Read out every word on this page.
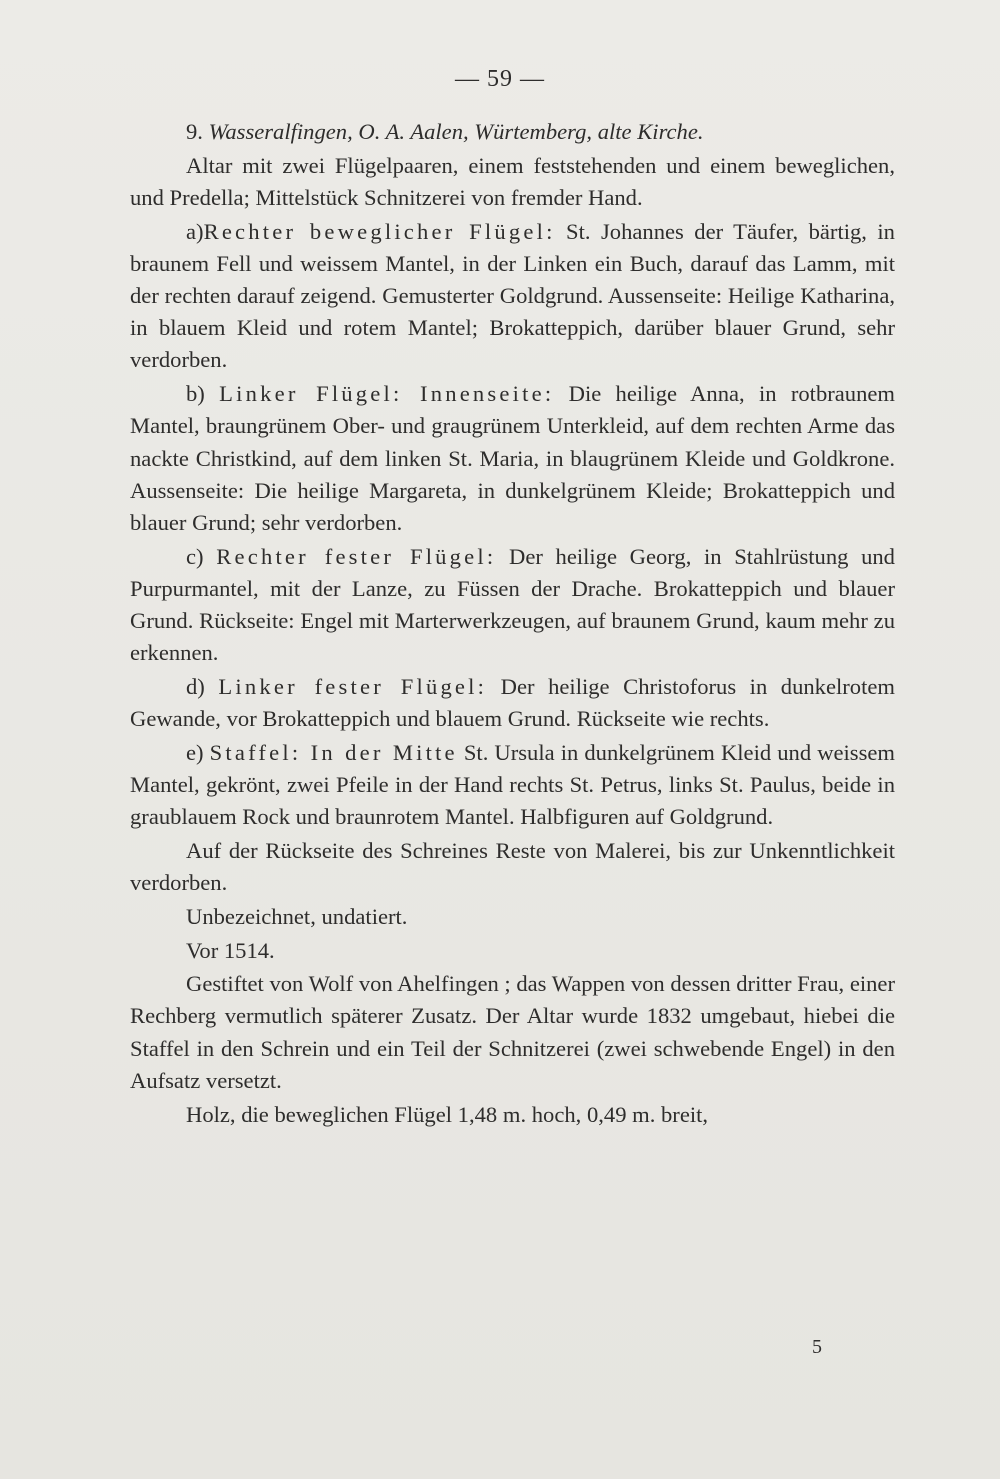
— 59 —

9. Wasseralfingen, O. A. Aalen, Würtemberg, alte Kirche.

Altar mit zwei Flügelpaaren, einem feststehenden und einem beweglichen, und Predella; Mittelstück Schnitzerei von fremder Hand.

a)Rechter beweglicher Flügel: St. Johannes der Täufer, bärtig, in braunem Fell und weissem Mantel, in der Linken ein Buch, darauf das Lamm, mit der rechten darauf zeigend. Gemusterter Goldgrund. Aussenseite: Heilige Katharina, in blauem Kleid und rotem Mantel; Brokatteppich, darüber blauer Grund, sehr verdorben.

b) Linker Flügel: Innenseite: Die heilige Anna, in rotbraunem Mantel, braungrünem Ober- und graugrünem Unterkleid, auf dem rechten Arme das nackte Christkind, auf dem linken St. Maria, in blaugrünem Kleide und Goldkrone. Aussenseite: Die heilige Margareta, in dunkelgrünem Kleide; Brokatteppich und blauer Grund; sehr verdorben.

c) Rechter fester Flügel: Der heilige Georg, in Stahlrüstung und Purpurmantel, mit der Lanze, zu Füssen der Drache. Brokatteppich und blauer Grund. Rückseite: Engel mit Marterwerkzeugen, auf braunem Grund, kaum mehr zu erkennen.

d) Linker fester Flügel: Der heilige Christoforus in dunkelrotem Gewande, vor Brokatteppich und blauem Grund. Rückseite wie rechts.

e) Staffel: In der Mitte St. Ursula in dunkelgrünem Kleid und weissem Mantel, gekrönt, zwei Pfeile in der Hand rechts St. Petrus, links St. Paulus, beide in graublauem Rock und braunrotem Mantel. Halbfiguren auf Goldgrund.

Auf der Rückseite des Schreines Reste von Malerei, bis zur Unkenntlichkeit verdorben.

Unbezeichnet, undatiert.

Vor 1514.

Gestiftet von Wolf von Ahelfingen ; das Wappen von dessen dritter Frau, einer Rechberg vermutlich späterer Zusatz. Der Altar wurde 1832 umgebaut, hiebei die Staffel in den Schrein und ein Teil der Schnitzerei (zwei schwebende Engel) in den Aufsatz versetzt.

Holz, die beweglichen Flügel 1,48 m. hoch, 0,49 m. breit,

5
